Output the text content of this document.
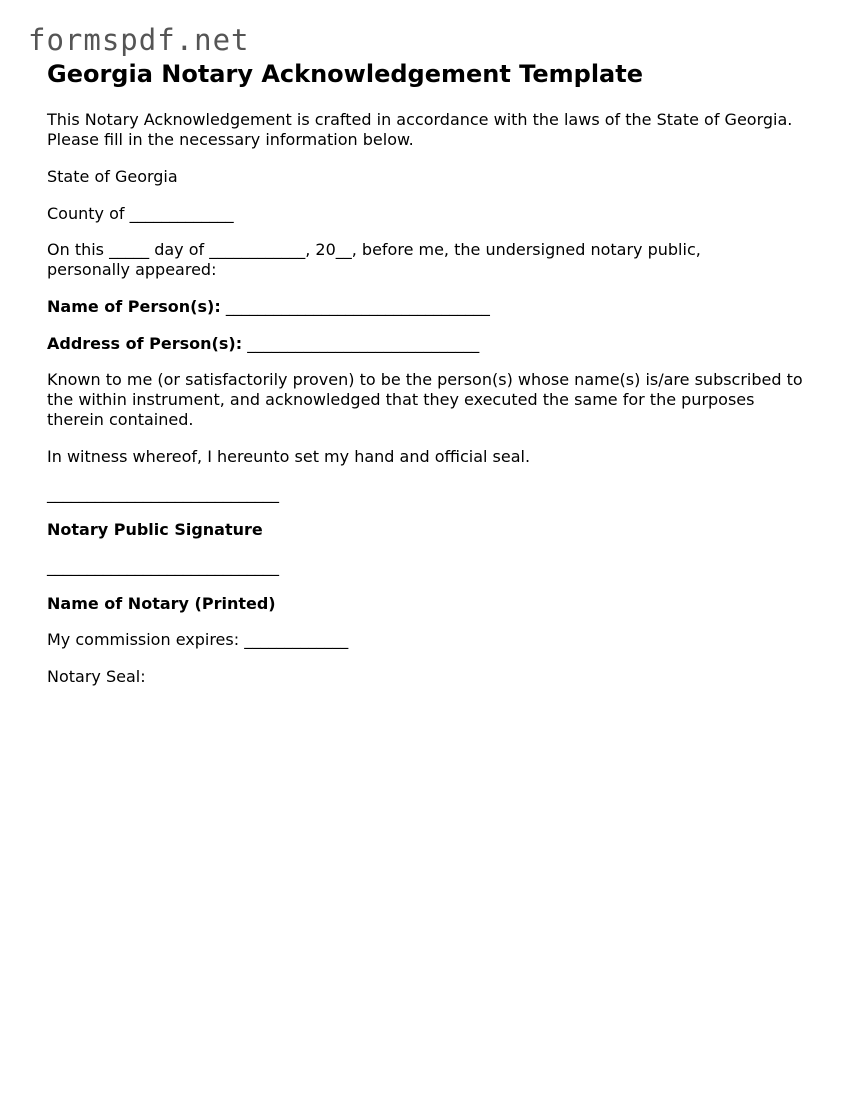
formspdf.net
Georgia Notary Acknowledgement Template

This Notary Acknowledgement is crafted in accordance with the laws of the State of Georgia. Please fill in the necessary information below.

State of Georgia

County of _____________

On this _____ day of ____________, 20__, before me, the undersigned notary public, personally appeared:

Name of Person(s): _________________________________

Address of Person(s): _____________________________

Known to me (or satisfactorily proven) to be the person(s) whose name(s) is/are subscribed to the within instrument, and acknowledged that they executed the same for the purposes therein contained.

In witness whereof, I hereunto set my hand and official seal.

_____________________________

Notary Public Signature

_____________________________

Name of Notary (Printed)

My commission expires: _____________

Notary Seal:
